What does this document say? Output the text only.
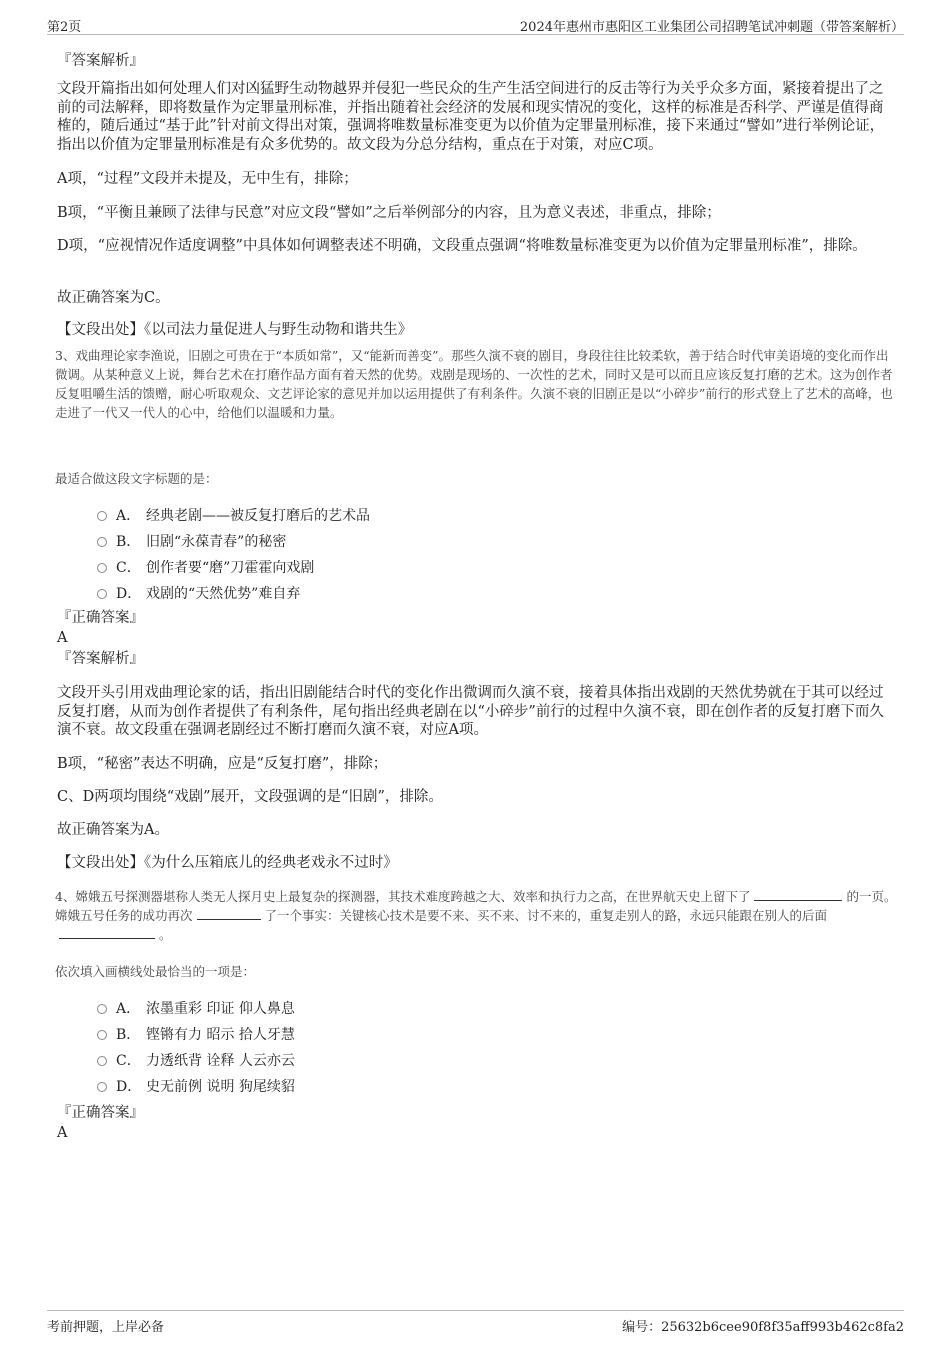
第2页	2024年惠州市惠阳区工业集团公司招聘笔试冲刺题（带答案解析）
『答案解析』
文段开篇指出如何处理人们对凶猛野生动物越界并侵犯一些民众的生产生活空间进行的反击等行为关乎众多方面，紧接着提出了之前的司法解释，即将数量作为定罪量刑标准，并指出随着社会经济的发展和现实情况的变化，这样的标准是否科学、严谨是值得商榷的，随后通过“基于此”针对前文得出对策，强调将唯数量标准变更为以价值为定罪量刑标准，接下来通过“譬如”进行举例论证，指出以价值为定罪量刑标准是有众多优势的。故文段为分总分结构，重点在于对策，对应C项。
A项，“过程”文段并未提及，无中生有，排除；
B项，“平衡且兼顾了法律与民意”对应文段“譬如”之后举例部分的内容，且为意义表述，非重点，排除；
D项，“应视情况作适度调整”中具体如何调整表述不明确，文段重点强调“将唯数量标准变更为以价值为定罪量刑标准”，排除。
故正确答案为C。
【文段出处】《以司法力量促进人与野生动物和谐共生》
3、戏曲理论家李渔说，旧剧之可贵在于“本质如常”，又“能新而善变”。那些久演不衰的剧目，身段往往比较柔软，善于结合时代审美语境的变化而作出微调。从某种意义上说，舞台艺术在打磨作品方面有着天然的优势。戏剧是现场的、一次性的艺术，同时又是可以而且应该反复打磨的艺术。这为创作者反复咀嚼生活的馈赠，耐心听取观众、文艺评论家的意见并加以运用提供了有利条件。久演不衰的旧剧正是以“小碎步”前行的形式登上了艺术的高峰，也走进了一代又一代人的心中，给他们以温暖和力量。
最适合做这段文字标题的是：
A． 经典老剧——被反复打磨后的艺术品
B． 旧剧“永葆青春”的秘密
C． 创作者要“磨”刀霍霍向戏剧
D． 戏剧的“天然优势”难自弃
『正确答案』
A
『答案解析』
文段开头引用戏曲理论家的话，指出旧剧能结合时代的变化作出微调而久演不衰，接着具体指出戏剧的天然优势就在于其可以经过反复打磨，从而为创作者提供了有利条件，尾句指出经典老剧在以“小碎步”前行的过程中久演不衰，即在创作者的反复打磨下而久演不衰。故文段重在强调老剧经过不断打磨而久演不衰，对应A项。
B项，“秘密”表达不明确，应是“反复打磨”，排除；
C、D两项均围绕“戏剧”展开，文段强调的是“旧剧”，排除。
故正确答案为A。
【文段出处】《为什么压箱底儿的经典老戏永不过时》
4、嫦娥五号探测器堪称人类无人探月史上最复杂的探测器，其技术难度跨越之大、效率和执行力之高，在世界航天史上留下了	的一页。嫦娥五号任务的成功再次	了一个事实：关键核心技术是要不来、买不来、讨不来的，重复走别人的路，永远只能跟在别人的后面。
依次填入画横线处最恰当的一项是：
A． 浓墨重彩 印证 仰人鼻息
B． 铿锵有力 昭示 拾人牙慧
C． 力透纸背 诠释 人云亦云
D． 史无前例 说明 狗尾续貂
『正确答案』
A
考前押题，上岸必备	编号：25632b6cee90f8f35aff993b462c8fa2
